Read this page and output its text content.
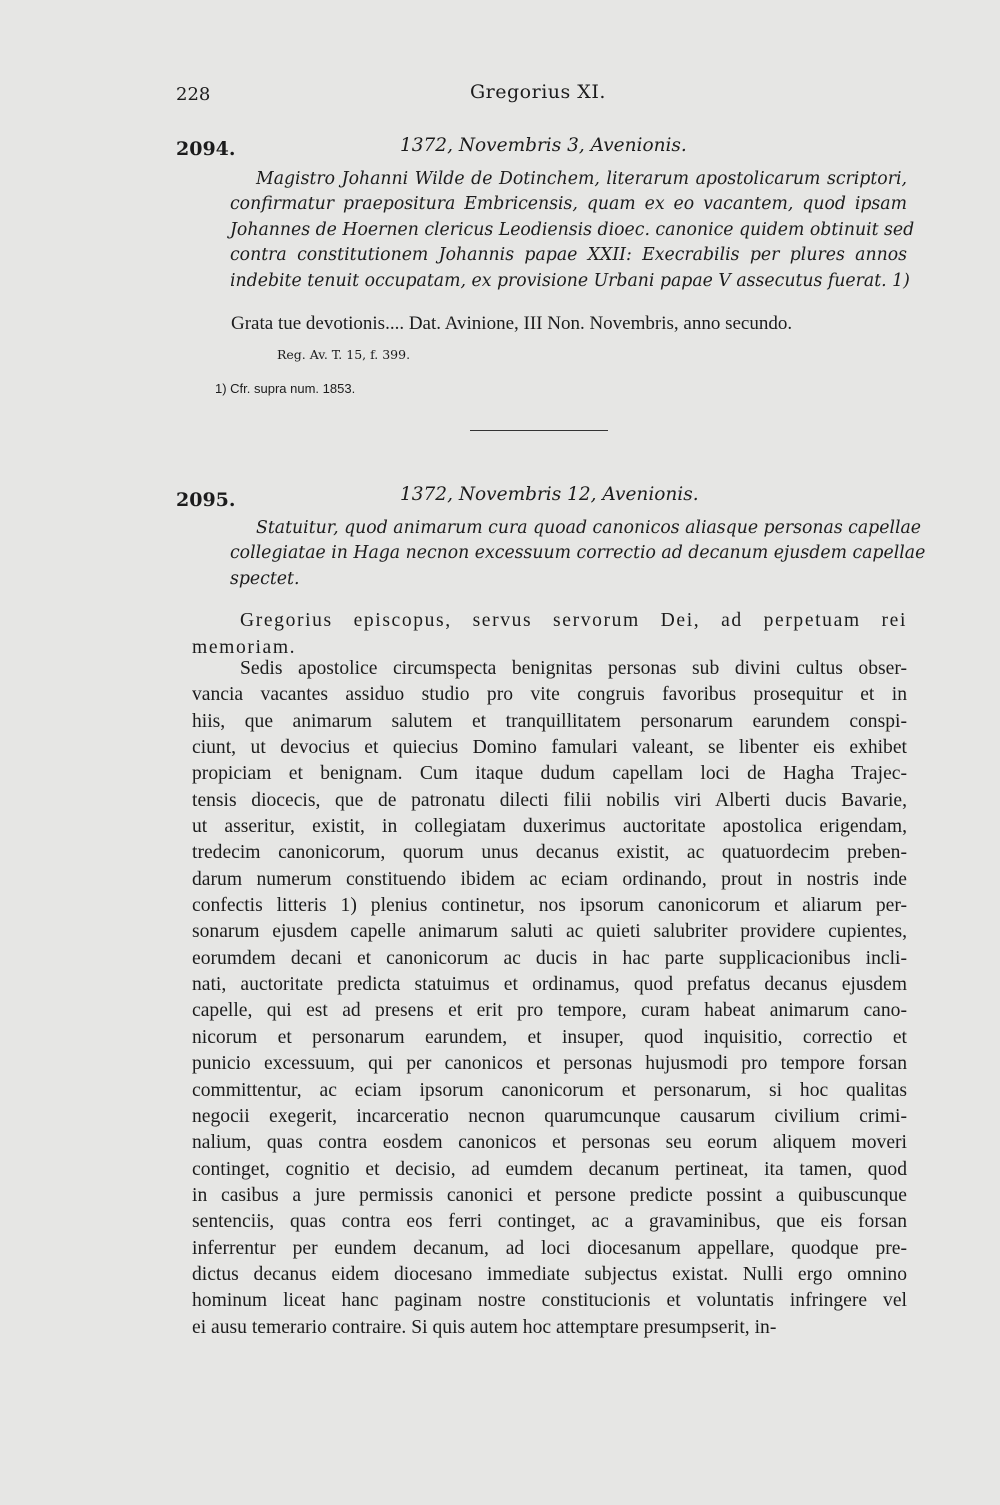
228	Gregorius XI.
2094.	1372, Novembris 3, Avenionis.
Magistro Johanni Wilde de Dotinchem, literarum apostolicarum scriptori,
confirmatur praepositura Embricensis, quam ex eo vacantem, quod ipsam
Johannes de Hoernen clericus Leodiensis dioec. canonice quidem obtinuit sed
contra constitutionem Johannis papae XXII: Execrabilis per plures annos
indebite tenuit occupatam, ex provisione Urbani papae V assecutus fuerat. 1)
Grata tue devotionis.... Dat. Avinione, III Non. Novembris, anno secundo.
Reg. Av. T. 15, f. 399.
1) Cfr. supra num. 1853.
2095.	1372, Novembris 12, Avenionis.
Statuitur, quod animarum cura quoad canonicos aliasque personas capellae
collegiatae in Haga necnon excessuum correctio ad decanum ejusdem capellae
spectet.
Gregorius episcopus, servus servorum Dei, ad perpetuam rei
memoriam.
Sedis apostolice circumspecta benignitas personas sub divini cultus obser-
vancia vacantes assiduo studio pro vite congruis favoribus prosequitur et in
hiis, que animarum salutem et tranquillitatem personarum earundem conspi-
ciunt, ut devocius et quiecius Domino famulari valeant, se libenter eis exhibet
propiciam et benignam. Cum itaque dudum capellam loci de Hagha Trajec-
tensis diocecis, que de patronatu dilecti filii nobilis viri Alberti ducis Bavarie,
ut asseritur, existit, in collegiatam duxerimus auctoritate apostolica erigendam,
tredecim canonicorum, quorum unus decanus existit, ac quatuordecim preben-
darum numerum constituendo ibidem ac eciam ordinando, prout in nostris inde
confectis litteris 1) plenius continetur, nos ipsorum canonicorum et aliarum per-
sonarum ejusdem capelle animarum saluti ac quieti salubriter providere cupientes,
eorumdem decani et canonicorum ac ducis in hac parte supplicacionibus incli-
nati, auctoritate predicta statuimus et ordinamus, quod prefatus decanus ejusdem
capelle, qui est ad presens et erit pro tempore, curam habeat animarum cano-
nicorum et personarum earundem, et insuper, quod inquisitio, correctio et
punicio excessuum, qui per canonicos et personas hujusmodi pro tempore forsan
committentur, ac eciam ipsorum canonicorum et personarum, si hoc qualitas
negocii exegerit, incarceratio necnon quarumcunque causarum civilium crimi-
nalium, quas contra eosdem canonicos et personas seu eorum aliquem moveri
continget, cognitio et decisio, ad eumdem decanum pertineat, ita tamen, quod
in casibus a jure permissis canonici et persone predicte possint a quibuscunque
sentenciis, quas contra eos ferri continget, ac a gravaminibus, que eis forsan
inferrentur per eundem decanum, ad loci diocesanum appellare, quodque pre-
dictus decanus eidem diocesano immediate subjectus existat. Nulli ergo omnino
hominum liceat hanc paginam nostre constitucionis et voluntatis infringere vel
ei ausu temerario contraire. Si quis autem hoc attemptare presumpserit, in-
